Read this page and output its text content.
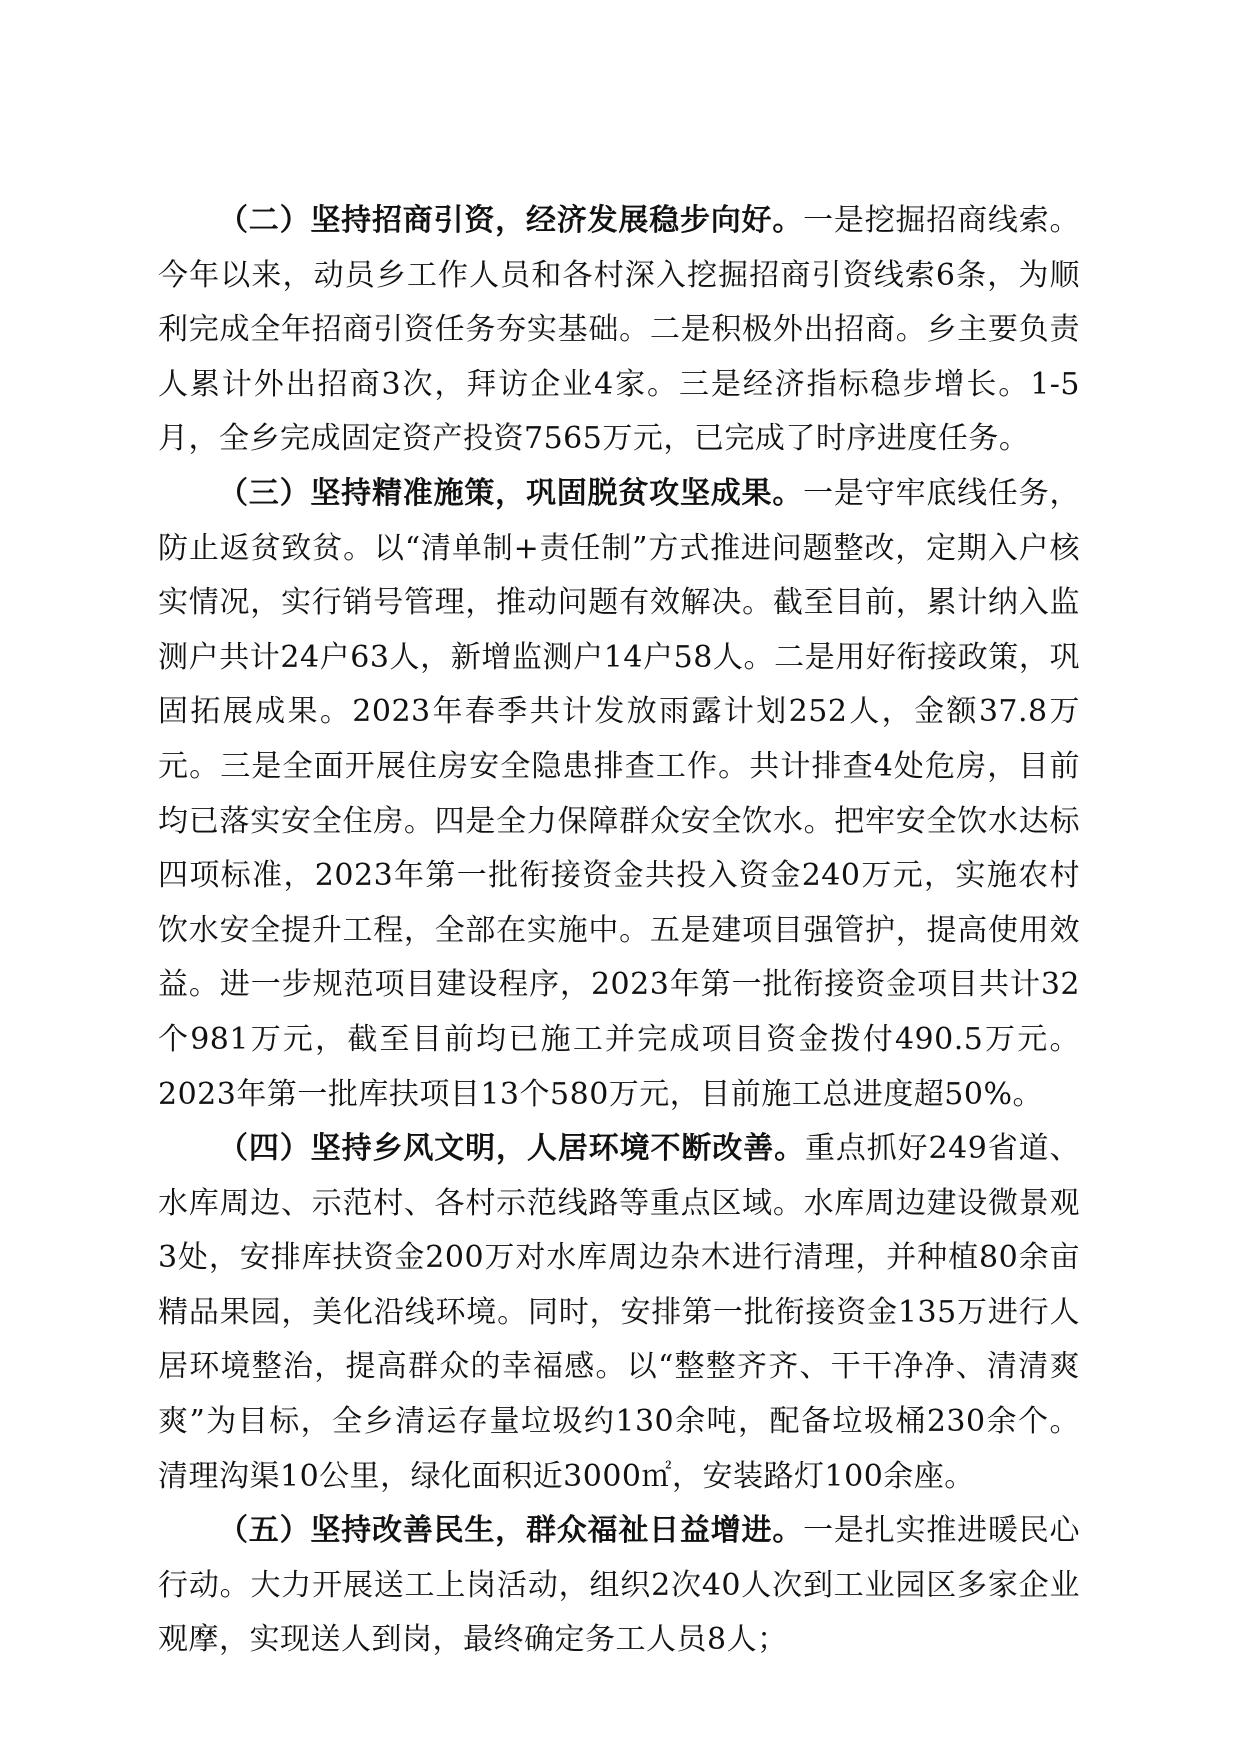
（二）坚持招商引资，经济发展稳步向好。一是挖掘招商线索。今年以来，动员乡工作人员和各村深入挖掘招商引资线索6条，为顺利完成全年招商引资任务夯实基础。二是积极外出招商。乡主要负责人累计外出招商3次，拜访企业4家。三是经济指标稳步增长。1-5月，全乡完成固定资产投资7565万元，已完成了时序进度任务。

（三）坚持精准施策，巩固脱贫攻坚成果。一是守牢底线任务，防止返贫致贫。以“清单制+责任制”方式推进问题整改，定期入户核实情况，实行销号管理，推动问题有效解决。截至目前，累计纳入监测户共计24户63人，新增监测户14户58人。二是用好衔接政策，巩固拓展成果。2023年春季共计发放雨露计划252人，金额37.8万元。三是全面开展住房安全隐患排查工作。共计排查4处危房，目前均已落实安全住房。四是全力保障群众安全饮水。把牢安全饮水达标四项标准，2023年第一批衔接资金共投入资金240万元，实施农村饮水安全提升工程，全部在实施中。五是建项目强管护，提高使用效益。进一步规范项目建设程序，2023年第一批衔接资金项目共计32个981万元，截至目前均已施工并完成项目资金拨付490.5万元。2023年第一批库扶项目13个580万元，目前施工总进度超50%。

（四）坚持乡风文明，人居环境不断改善。重点抓好249省道、水库周边、示范村、各村示范线路等重点区域。水库周边建设微景观3处，安排库扶资金200万对水库周边杂木进行清理，并种植80余亩精品果园，美化沿线环境。同时，安排第一批衔接资金135万进行人居环境整治，提高群众的幸福感。以“整整齐齐、干干净净、清清爽爽”为目标，全乡清运存量垃圾约130余吨，配备垃圾桶230余个。清理沟渠10公里，绿化面积近3000㎡，安装路灯100余座。

（五）坚持改善民生，群众福祉日益增进。一是扎实推进暖民心行动。大力开展送工上岗活动，组织2次40人次到工业园区多家企业观摩，实现送人到岗，最终确定务工人员8人；
